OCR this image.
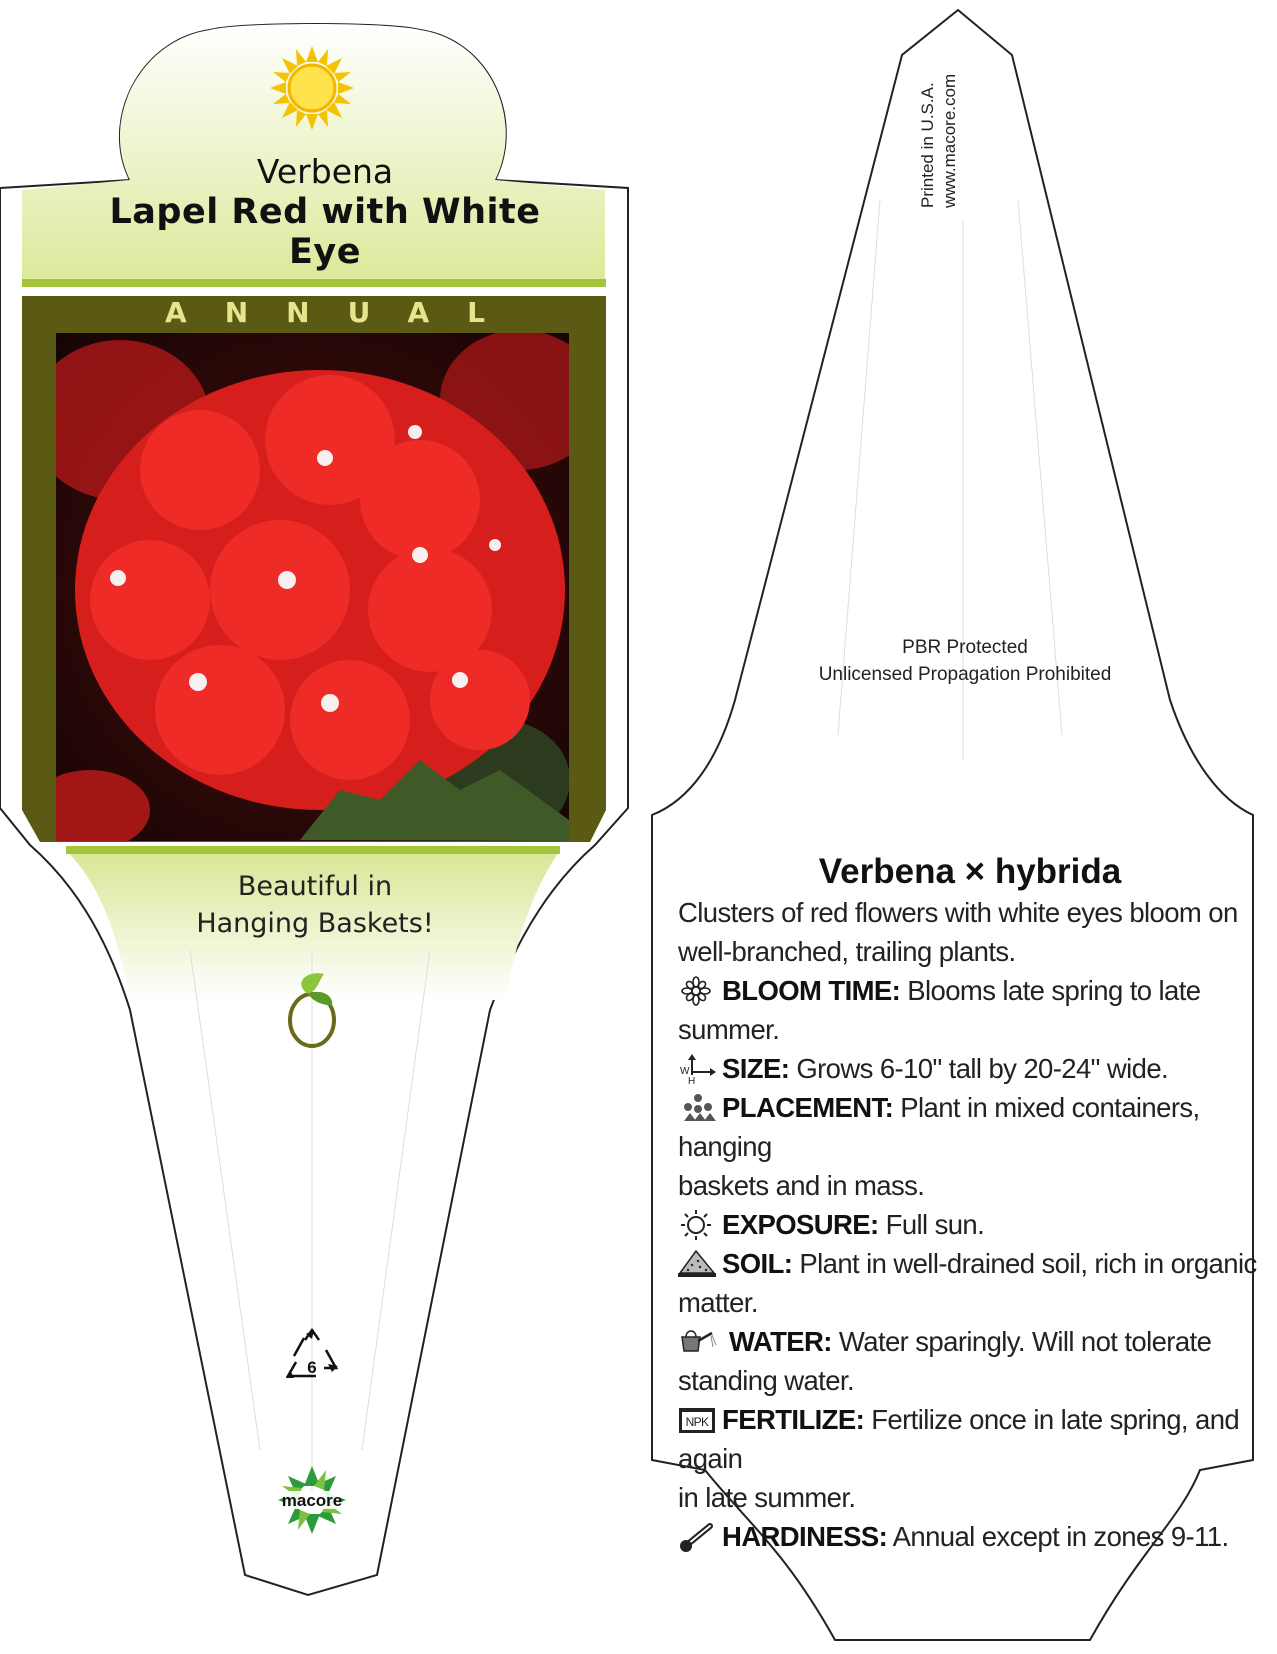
Verbena
Lapel Red with White
Eye
ANNUAL
Beautiful in
Hanging Baskets!
6
macore
Printed in U.S.A. www.macore.com
PBR Protected
Unlicensed Propagation Prohibited
Verbena × hybrida
Clusters of red flowers with white eyes bloom on
well-branched, trailing plants.
BLOOM TIME: Blooms late spring to late summer.
W
H SIZE: Grows 6-10" tall by 20-24" wide.
PLACEMENT: Plant in mixed containers, hanging
baskets and in mass.
EXPOSURE: Full sun.
SOIL: Plant in well-drained soil, rich in organic
matter.
WATER: Water sparingly. Will not tolerate
standing water.
NPK FERTILIZE: Fertilize once in late spring, and again
in late summer.
HARDINESS: Annual except in zones 9-11.
